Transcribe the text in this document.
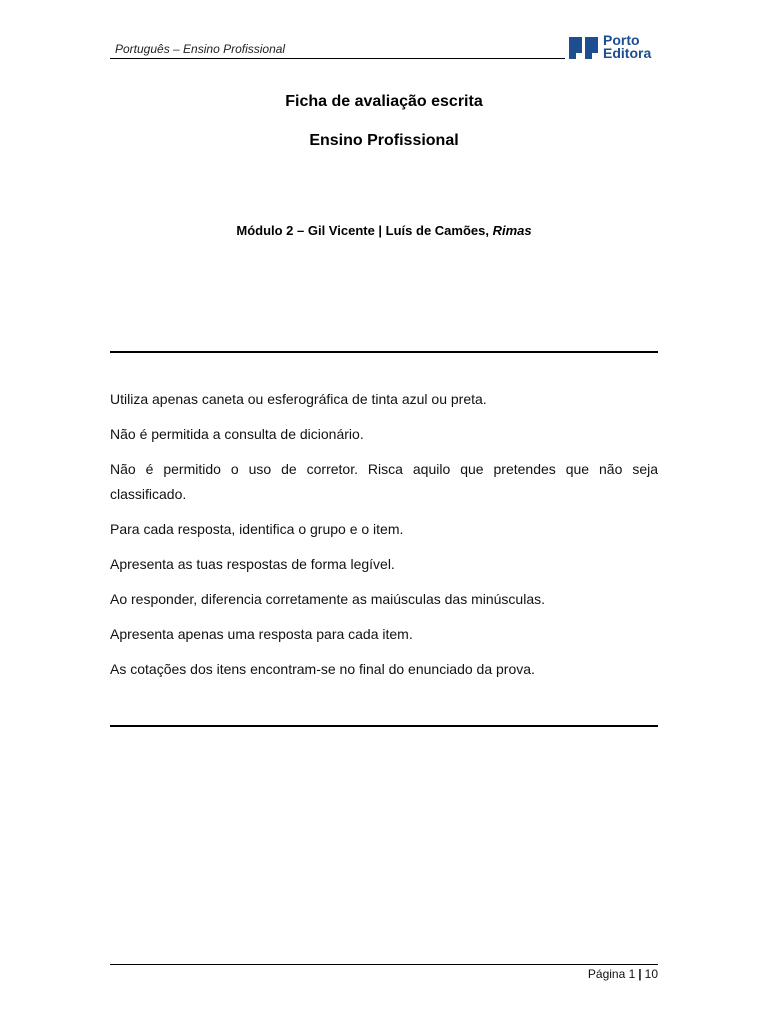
Português – Ensino Profissional
Porto
Editora
Ficha de avaliação escrita
Ensino Profissional
Módulo 2 – Gil Vicente | Luís de Camões, Rimas
Utiliza apenas caneta ou esferográfica de tinta azul ou preta.
Não é permitida a consulta de dicionário.
Não é permitido o uso de corretor. Risca aquilo que pretendes que não seja classificado.
Para cada resposta, identifica o grupo e o item.
Apresenta as tuas respostas de forma legível.
Ao responder, diferencia corretamente as maiúsculas das minúsculas.
Apresenta apenas uma resposta para cada item.
As cotações dos itens encontram-se no final do enunciado da prova.
Página 1 | 10
